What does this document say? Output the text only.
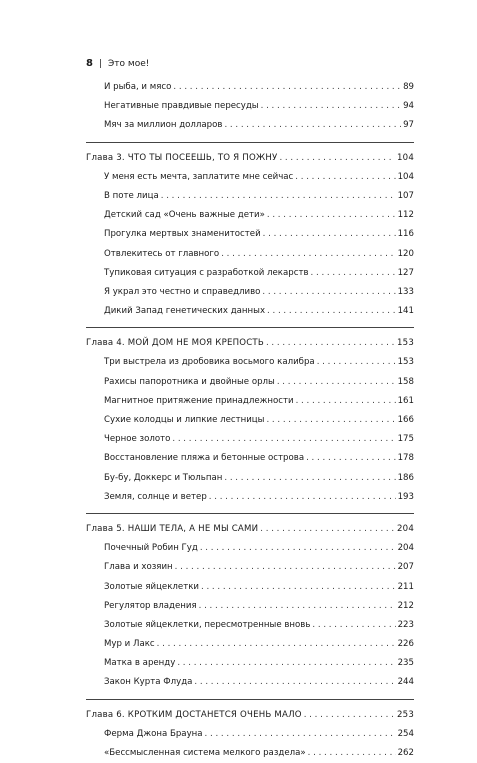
8 | Это мое!
И рыба, и мясо . . .	89
Негативные правдивые пересуды . . .	94
Мяч за миллион долларов . . .	97
Глава 3. ЧТО ТЫ ПОСЕЕШЬ, ТО Я ПОЖНУ . . .	104
У меня есть мечта, заплатите мне сейчас . . .	104
В поте лица . . .	107
Детский сад «Очень важные дети» . . .	112
Прогулка мертвых знаменитостей . . .	116
Отвлекитесь от главного . . .	120
Тупиковая ситуация с разработкой лекарств . . .	127
Я украл это честно и справедливо . . .	133
Дикий Запад генетических данных . . .	141
Глава 4. МОЙ ДОМ НЕ МОЯ КРЕПОСТЬ . . .	153
Три выстрела из дробовика восьмого калибра . . .	153
Рахисы папоротника и двойные орлы . . .	158
Магнитное притяжение принадлежности . . .	161
Сухие колодцы и липкие лестницы . . .	166
Черное золото . . .	175
Восстановление пляжа и бетонные острова . . .	178
Бу-бу, Доккерс и Тюльпан . . .	186
Земля, солнце и ветер . . .	193
Глава 5. НАШИ ТЕЛА, А НЕ МЫ САМИ . . .	204
Почечный Робин Гуд . . .	204
Глава и хозяин . . .	207
Золотые яйцеклетки . . .	211
Регулятор владения . . .	212
Золотые яйцеклетки, пересмотренные вновь . . .	223
Мур и Лакс . . .	226
Матка в аренду . . .	235
Закон Курта Флуда . . .	244
Глава 6. КРОТКИМ ДОСТАНЕТСЯ ОЧЕНЬ МАЛО . . .	253
Ферма Джона Брауна . . .	254
«Бессмысленная система мелкого раздела» . . .	262
